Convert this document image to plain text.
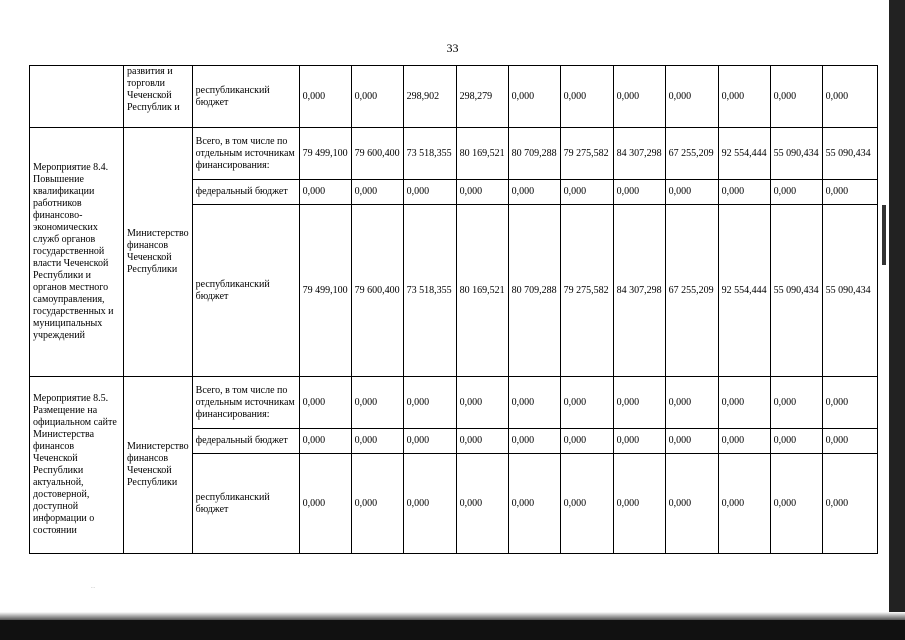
33
	развития и торговли Чеченской Республик и	республиканский бюджет	0,000	0,000	298,902	298,279	0,000	0,000	0,000	0,000	0,000	0,000	0,000
Мероприятие 8.4. Повышение квалификации работников финансово-экономических служб органов государственной власти Чеченской Республики и органов местного самоуправления, государственных и муниципальных учреждений	Министерство финансов Чеченской Республики	Всего, в том числе по отдельным источникам финансирования:	79 499,100	79 600,400	73 518,355	80 169,521	80 709,288	79 275,582	84 307,298	67 255,209	92 554,444	55 090,434	55 090,434
		федеральный бюджет	0,000	0,000	0,000	0,000	0,000	0,000	0,000	0,000	0,000	0,000	0,000
		республиканский бюджет	79 499,100	79 600,400	73 518,355	80 169,521	80 709,288	79 275,582	84 307,298	67 255,209	92 554,444	55 090,434	55 090,434
Мероприятие 8.5. Размещение на официальном сайте Министерства финансов Чеченской Республики актуальной, достоверной, доступной информации о состоянии	Министерство финансов Чеченской Республики	Всего, в том числе по отдельным источникам финансирования:	0,000	0,000	0,000	0,000	0,000	0,000	0,000	0,000	0,000	0,000	0,000
		федеральный бюджет	0,000	0,000	0,000	0,000	0,000	0,000	0,000	0,000	0,000	0,000	0,000
		республиканский бюджет	0,000	0,000	0,000	0,000	0,000	0,000	0,000	0,000	0,000	0,000	0,000
…
